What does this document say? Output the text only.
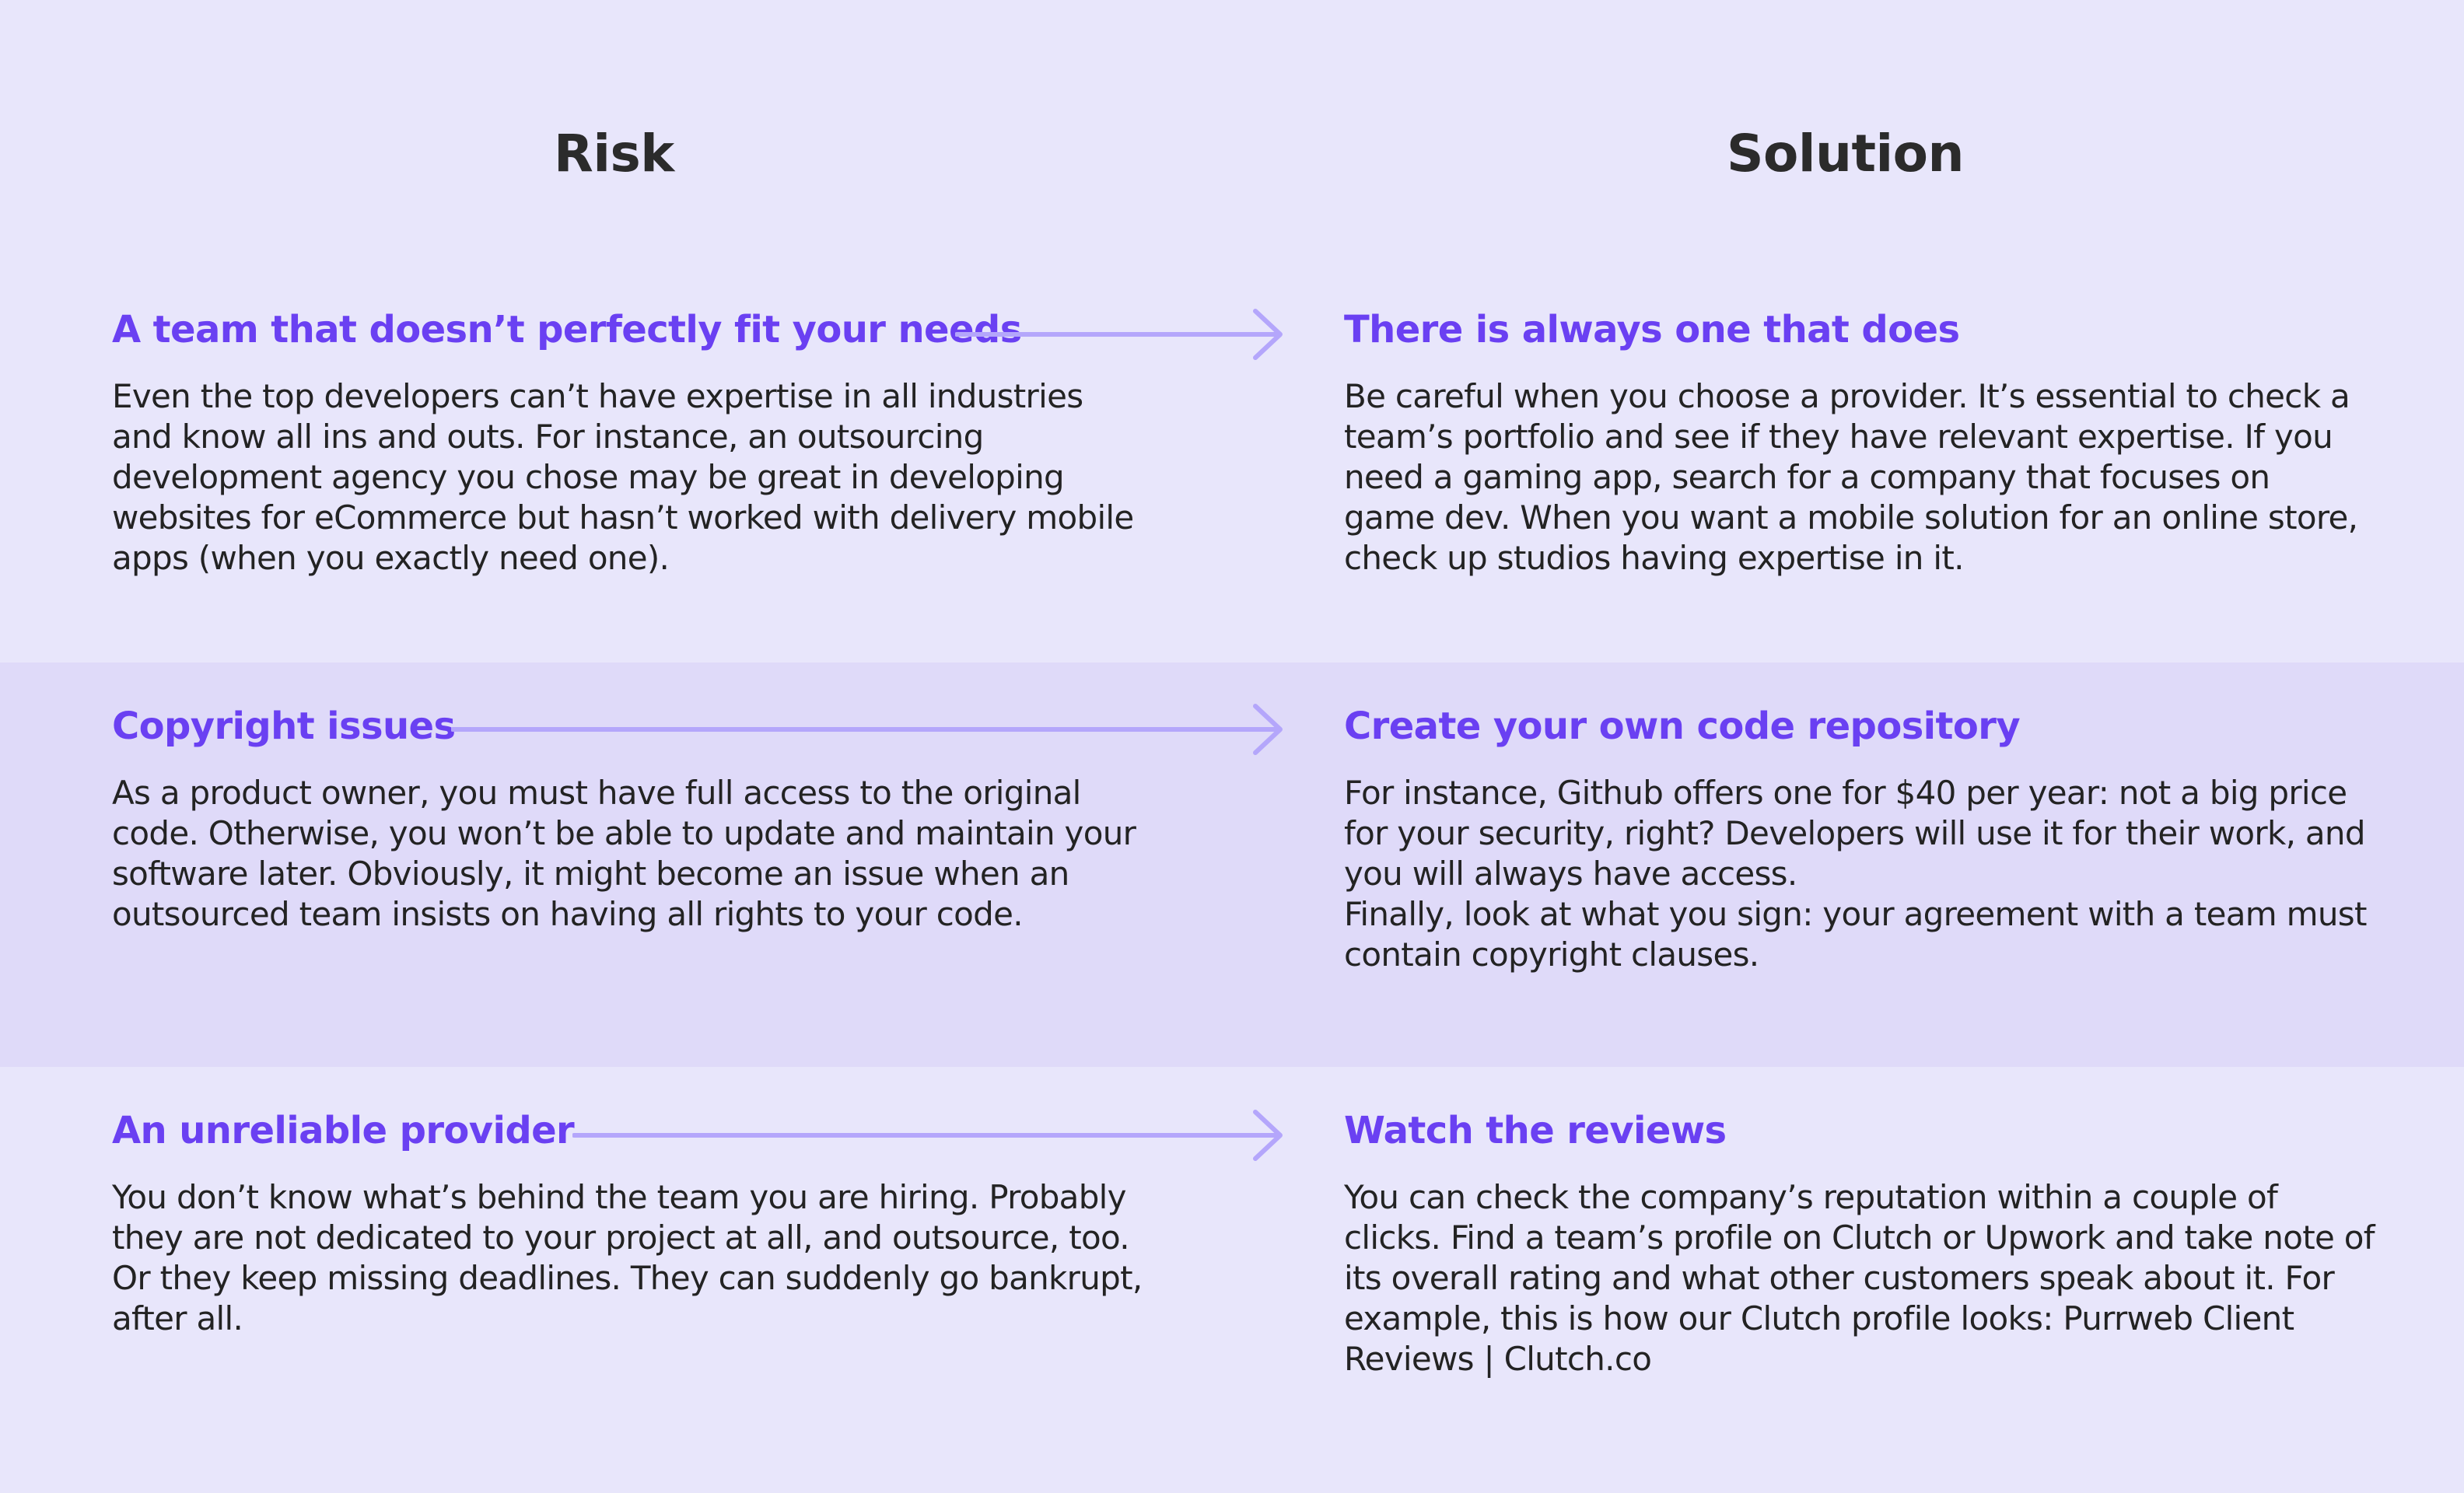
Risk	Solution
A team that doesn’t perfectly fit your needs

Even the top developers can’t have expertise in all industries

and know all ins and outs. For instance, an outsourcing

development agency you chose may be great in developing

websites for eCommerce but hasn’t worked with delivery mobile

apps (when you exactly need one).

There is always one that does

Be careful when you choose a provider. It’s essential to check a

team’s portfolio and see if they have relevant expertise. If you

need a gaming app, search for a company that focuses on

game dev. When you want a mobile solution for an online store,

check up studios having expertise in it.

Copyright issues

As a product owner, you must have full access to the original

code. Otherwise, you won’t be able to update and maintain your

software later. Obviously, it might become an issue when an

outsourced team insists on having all rights to your code.

Create your own code repository

For instance, Github offers one for $40 per year: not a big price

for your security, right? Developers will use it for their work, and

you will always have access.

Finally, look at what you sign: your agreement with a team must

contain copyright clauses.

An unreliable provider

You don’t know what’s behind the team you are hiring. Probably

they are not dedicated to your project at all, and outsource, too.

Or they keep missing deadlines. They can suddenly go bankrupt,

after all.

Watch the reviews

You can check the company’s reputation within a couple of

clicks. Find a team’s profile on Clutch or Upwork and take note of

its overall rating and what other customers speak about it. For

example, this is how our Clutch profile looks: Purrweb Client

Reviews | Clutch.co
